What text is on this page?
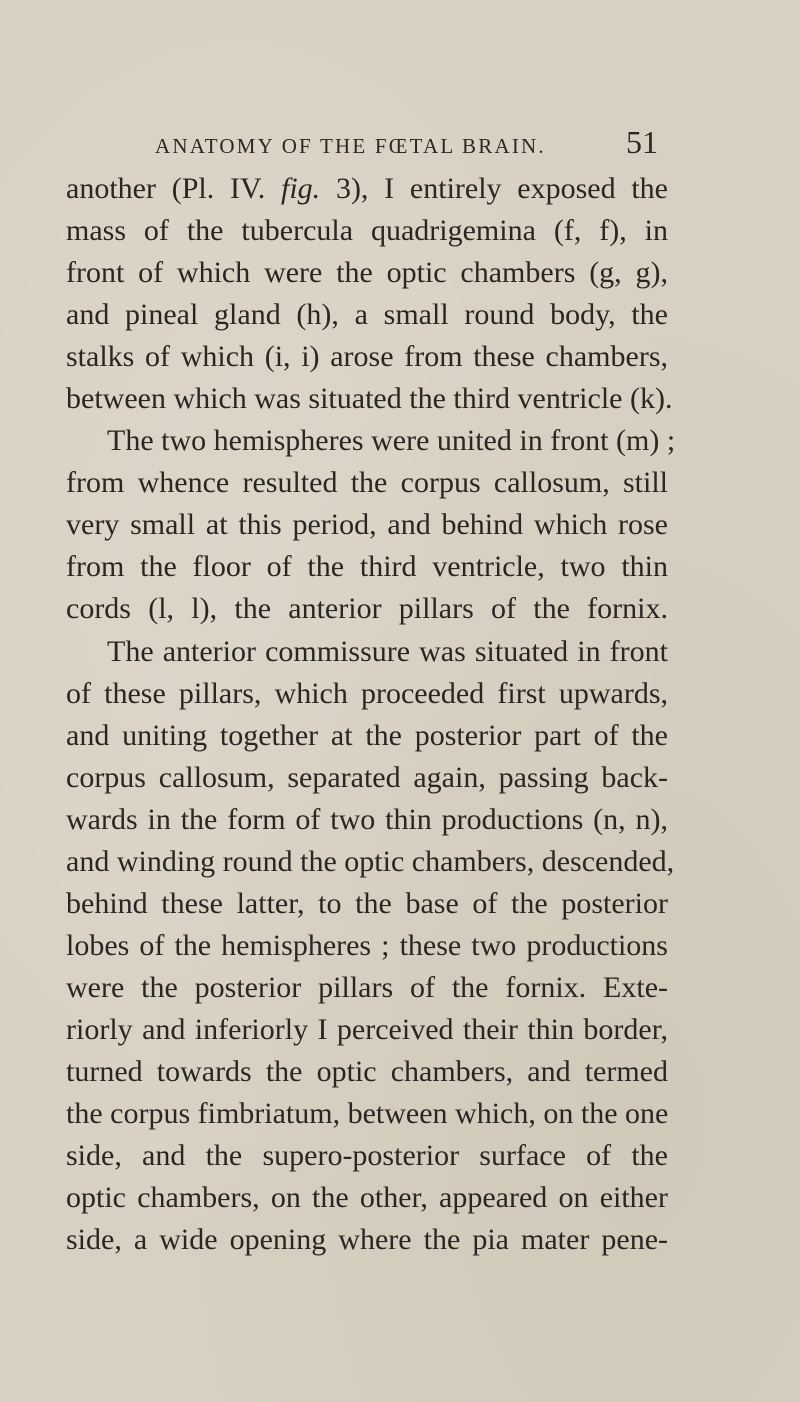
ANATOMY OF THE FŒTAL BRAIN.	51
another (Pl. IV. fig. 3), I entirely exposed the
mass of the tubercula quadrigemina (f, f), in
front of which were the optic chambers (g, g),
and pineal gland (h), a small round body, the
stalks of which (i, i) arose from these chambers,
between which was situated the third ventricle (k).
The two hemispheres were united in front (m) ;
from whence resulted the corpus callosum, still
very small at this period, and behind which rose
from the floor of the third ventricle, two thin
cords (l, l), the anterior pillars of the fornix.
The anterior commissure was situated in front
of these pillars, which proceeded first upwards,
and uniting together at the posterior part of the
corpus callosum, separated again, passing back-
wards in the form of two thin productions (n, n),
and winding round the optic chambers, descended,
behind these latter, to the base of the posterior
lobes of the hemispheres ; these two productions
were the posterior pillars of the fornix. Exte-
riorly and inferiorly I perceived their thin border,
turned towards the optic chambers, and termed
the corpus fimbriatum, between which, on the one
side, and the supero-posterior surface of the
optic chambers, on the other, appeared on either
side, a wide opening where the pia mater pene-
